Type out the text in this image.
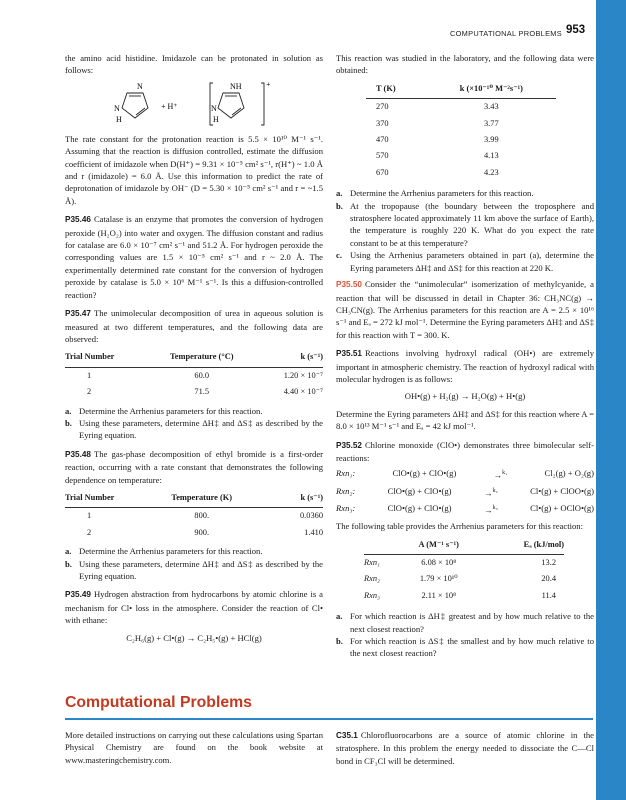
COMPUTATIONAL PROBLEMS 953

the amino acid histidine. Imidazole can be protonated in solution as follows:

N
N
H
+ H⁺
NH
N
H
+

The rate constant for the protonation reaction is 5.5 × 10¹⁰ M⁻¹ s⁻¹. Assuming that the reaction is diffusion controlled, estimate the diffusion coefficient of imidazole when D(H⁺) = 9.31 × 10⁻⁵ cm² s⁻¹, r(H⁺) ~ 1.0 Å and r (imidazole) = 6.0 Å. Use this information to predict the rate of deprotonation of imidazole by OH⁻ (D = 5.30 × 10⁻⁵ cm² s⁻¹ and r = ~1.5 Å).

P35.46 Catalase is an enzyme that promotes the conversion of hydrogen peroxide (H₂O₂) into water and oxygen. The diffusion constant and radius for catalase are 6.0 × 10⁻⁷ cm² s⁻¹ and 51.2 Å. For hydrogen peroxide the corresponding values are 1.5 × 10⁻⁵ cm² s⁻¹ and r ~ 2.0 Å. The experimentally determined rate constant for the conversion of hydrogen peroxide by catalase is 5.0 × 10⁶ M⁻¹ s⁻¹. Is this a diffusion-controlled reaction?

P35.47 The unimolecular decomposition of urea in aqueous solution is measured at two different temperatures, and the following data are observed:

Trial Number	Temperature (°C)	k (s⁻¹)
1	60.0	1.20 × 10⁻⁷
2	71.5	4.40 × 10⁻⁷
a. Determine the Arrhenius parameters for this reaction.
b. Using these parameters, determine ΔH‡ and ΔS‡ as described by the Eyring equation.

P35.48 The gas-phase decomposition of ethyl bromide is a first-order reaction, occurring with a rate constant that demonstrates the following dependence on temperature:

Trial Number	Temperature (K)	k (s⁻¹)
1	800.	0.0360
2	900.	1.410
a. Determine the Arrhenius parameters for this reaction.
b. Using these parameters, determine ΔH‡ and ΔS‡ as described by the Eyring equation.

P35.49 Hydrogen abstraction from hydrocarbons by atomic chlorine is a mechanism for Cl• loss in the atmosphere. Consider the reaction of Cl• with ethane:

C₂H₆(g) + Cl•(g) → C₂H₅•(g) + HCl(g)

This reaction was studied in the laboratory, and the following data were obtained:

T (K)	k (×10⁻¹⁰ M⁻²s⁻¹)
270	3.43
370	3.77
470	3.99
570	4.13
670	4.23
a. Determine the Arrhenius parameters for this reaction.
b. At the tropopause (the boundary between the troposphere and stratosphere located approximately 11 km above the surface of Earth), the temperature is roughly 220 K. What do you expect the rate constant to be at this temperature?
c. Using the Arrhenius parameters obtained in part (a), determine the Eyring parameters ΔH‡ and ΔS‡ for this reaction at 220 K.

P35.50 Consider the “unimolecular” isomerization of methylcyanide, a reaction that will be discussed in detail in Chapter 36: CH₃NC(g) → CH₃CN(g). The Arrhenius parameters for this reaction are A = 2.5 × 10¹⁶ s⁻¹ and Eₐ = 272 kJ mol⁻¹. Determine the Eyring parameters ΔH‡ and ΔS‡ for this reaction with T = 300. K.

P35.51 Reactions involving hydroxyl radical (OH•) are extremely important in atmospheric chemistry. The reaction of hydroxyl radical with molecular hydrogen is as follows:

OH•(g) + H₂(g) → H₂O(g) + H•(g)

Determine the Eyring parameters ΔH‡ and ΔS‡ for this reaction where A = 8.0 × 10¹³ M⁻¹ s⁻¹ and Eₐ = 42 kJ mol⁻¹.

P35.52 Chlorine monoxide (ClO•) demonstrates three bimolecular self-reactions:

Rxn₁:	ClO•(g) + ClO•(g)	→$^{k_1}$	Cl₂(g) + O₂(g)
Rxn₂:	ClO•(g) + ClO•(g)	→$^{k_2}$	Cl•(g) + ClOO•(g)
Rxn₃:	ClO•(g) + ClO•(g)	→$^{k_3}$	Cl•(g) + OClO•(g)

The following table provides the Arrhenius parameters for this reaction:

	A (M⁻¹ s⁻¹)	Eₐ (kJ/mol)
Rxn₁	6.08 × 10⁸	13.2
Rxn₂	1.79 × 10¹⁰	20.4
Rxn₃	2.11 × 10⁸	11.4
a. For which reaction is ΔH‡ greatest and by how much relative to the next closest reaction?
b. For which reaction is ΔS‡ the smallest and by how much relative to the next closest reaction?
Computational Problems

More detailed instructions on carrying out these calculations using Spartan Physical Chemistry are found on the book website at www.masteringchemistry.com.

C35.1 Chlorofluorocarbons are a source of atomic chlorine in the stratosphere. In this problem the energy needed to dissociate the C—Cl bond in CF₃Cl will be determined.
